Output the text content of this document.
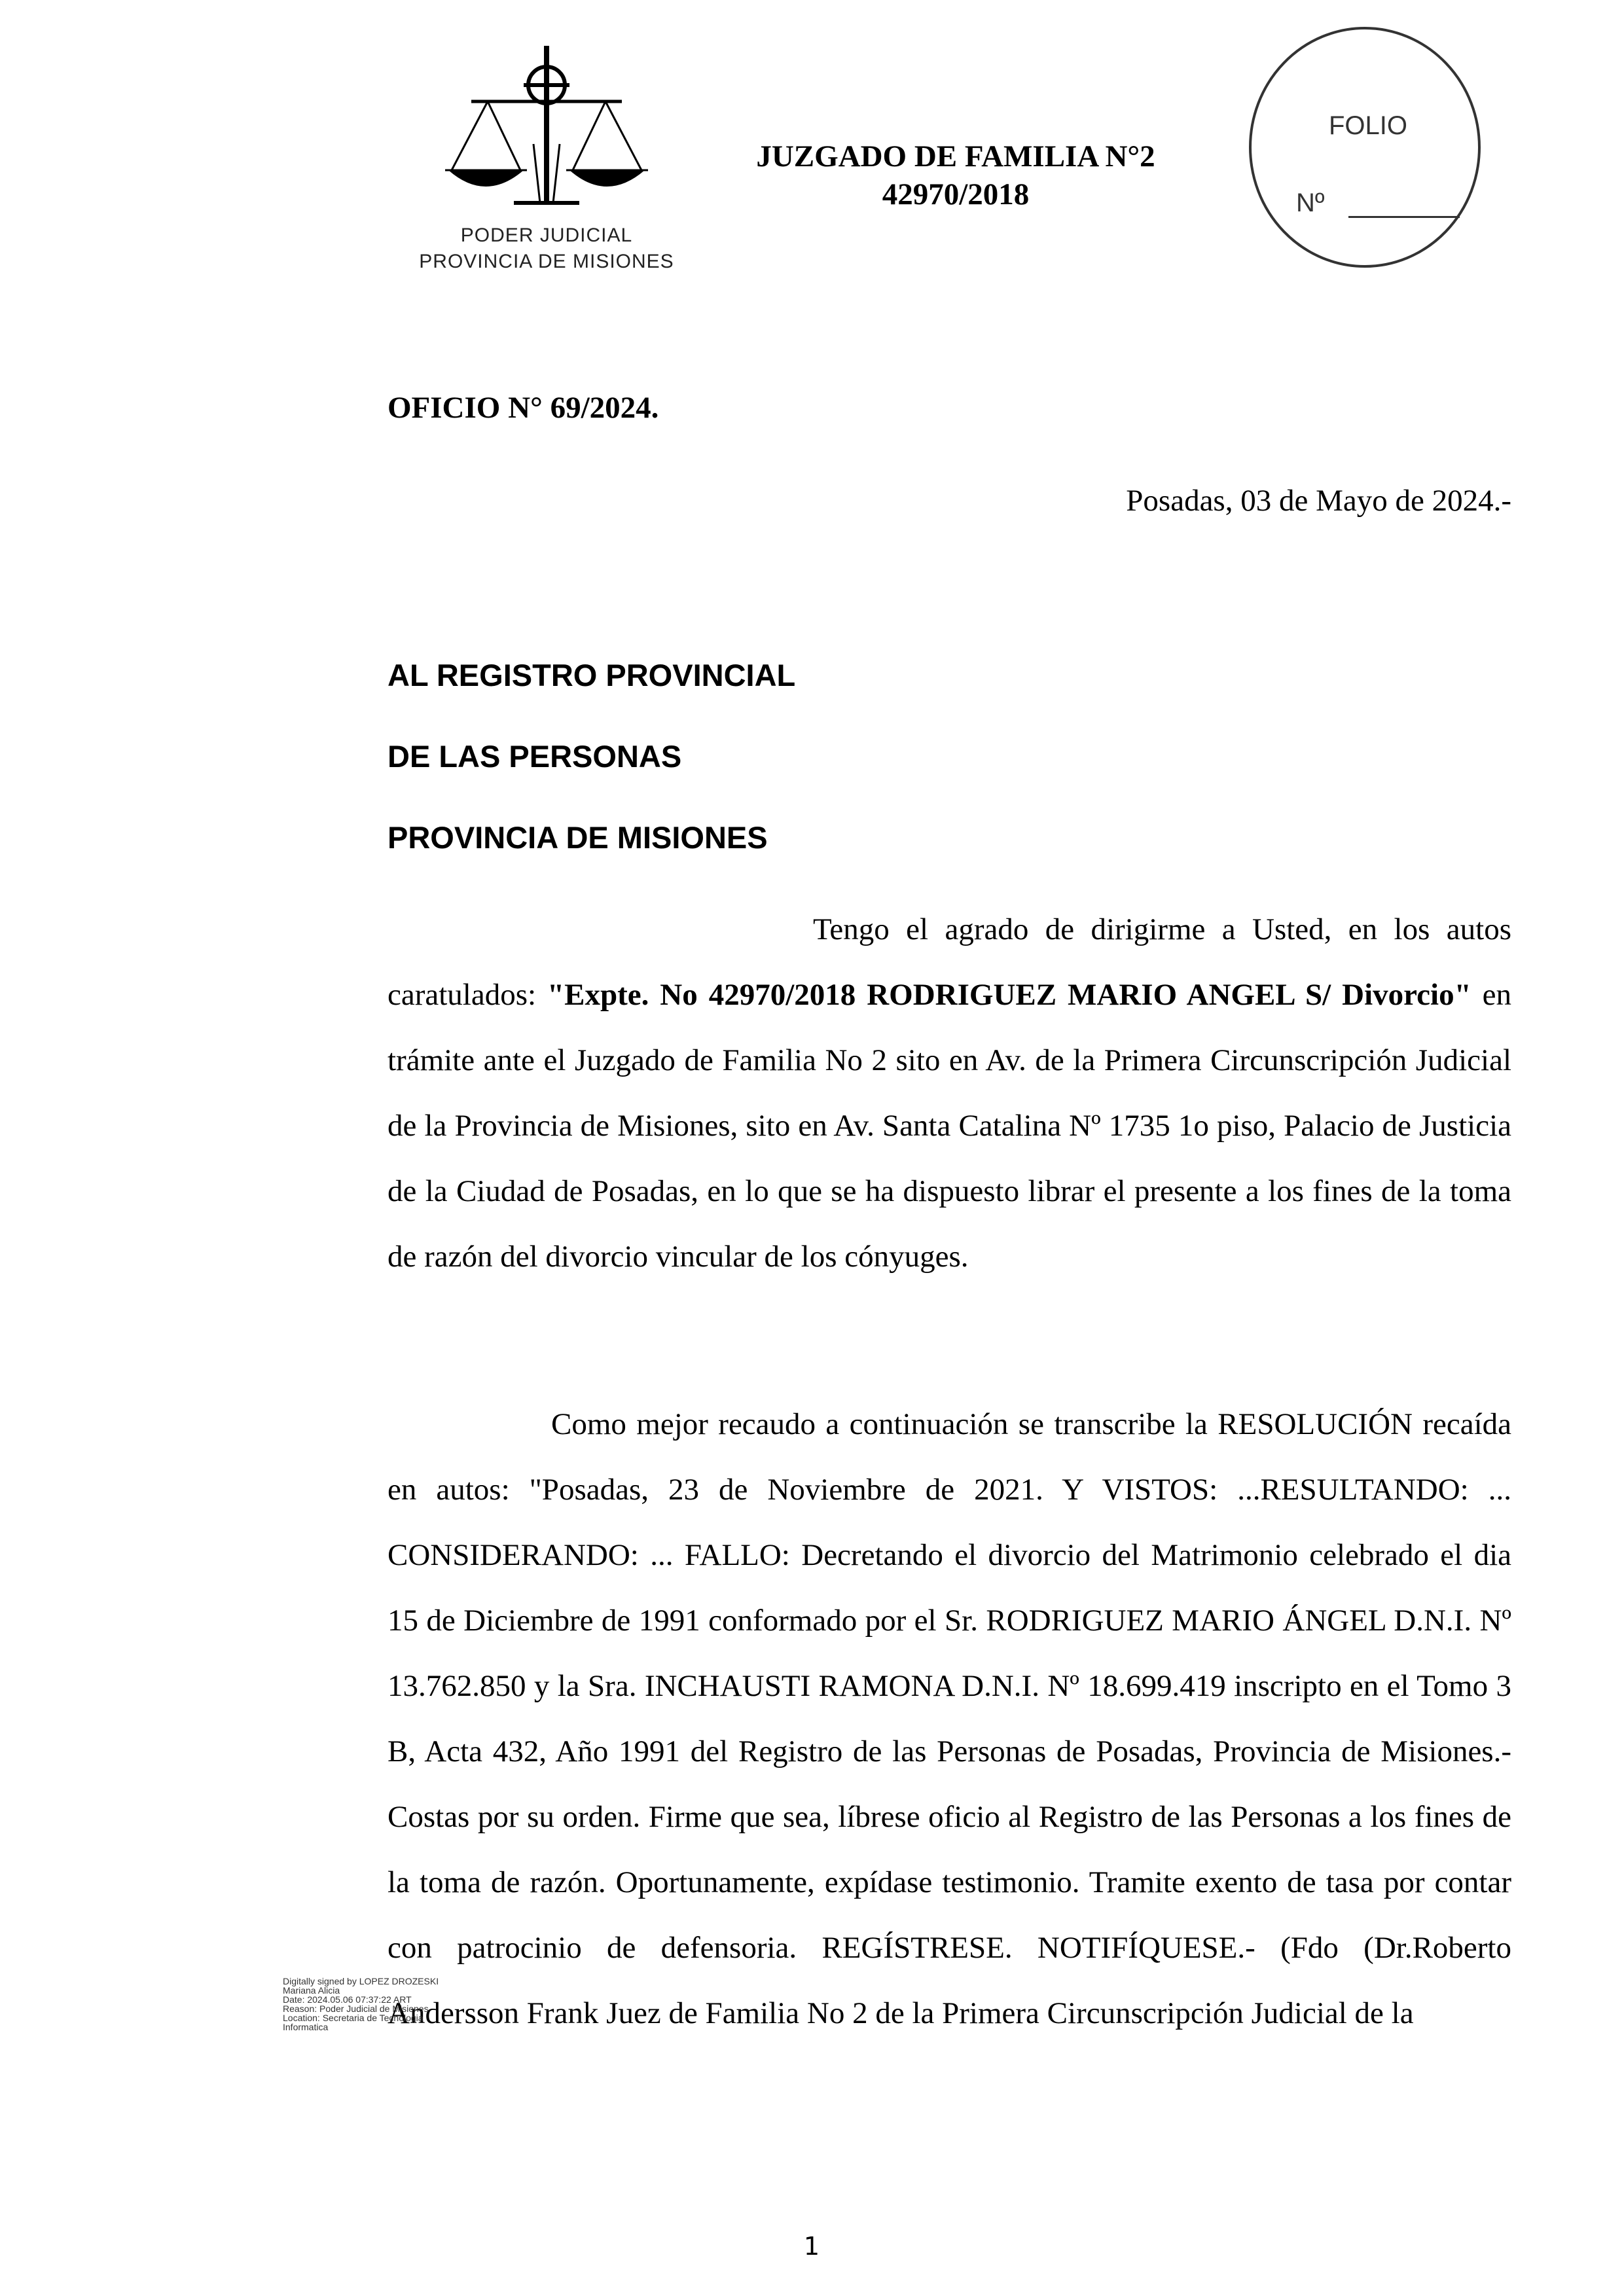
PODER JUDICIAL
PROVINCIA DE MISIONES
JUZGADO DE FAMILIA N°2
42970/2018
FOLIO
Nº
OFICIO N° 69/2024.
Posadas, 03 de Mayo de 2024.-
AL REGISTRO PROVINCIAL
DE LAS PERSONAS
PROVINCIA DE MISIONES
Tengo el agrado de dirigirme a Usted, en los autos caratulados: "Expte. No 42970/2018 RODRIGUEZ MARIO ANGEL S/ Divorcio" en trámite ante el Juzgado de Familia No 2 sito en Av. de la Primera Circunscripción Judicial de la Provincia de Misiones, sito en Av. Santa Catalina Nº 1735 1o piso, Palacio de Justicia de la Ciudad de Posadas, en lo que se ha dispuesto librar el presente a los fines de la toma de razón del divorcio vincular de los cónyuges.
Como mejor recaudo a continuación se transcribe la RESOLUCIÓN recaída en autos: "Posadas, 23 de Noviembre de 2021. Y VISTOS: ...RESULTANDO: ... CONSIDERANDO: ... FALLO: Decretando el divorcio del Matrimonio celebrado el dia 15 de Diciembre de 1991 conformado por el Sr. RODRIGUEZ MARIO ÁNGEL D.N.I. Nº 13.762.850 y la Sra. INCHAUSTI RAMONA D.N.I. Nº 18.699.419 inscripto en el Tomo 3 B, Acta 432, Año 1991 del Registro de las Personas de Posadas, Provincia de Misiones.- Costas por su orden. Firme que sea, líbrese oficio al Registro de las Personas a los fines de la toma de razón. Oportunamente, expídase testimonio. Tramite exento de tasa por contar con patrocinio de defensoria. REGÍSTRESE. NOTIFÍQUESE.- (Fdo (Dr.Roberto Andersson Frank Juez de Familia No 2 de la Primera Circunscripción Judicial de la
Digitally signed by LOPEZ DROZESKI
Mariana Alicia
Date: 2024.05.06 07:37:22 ART
Reason: Poder Judicial de Misiones
Location: Secretaria de Tecnologia
Informatica
1
